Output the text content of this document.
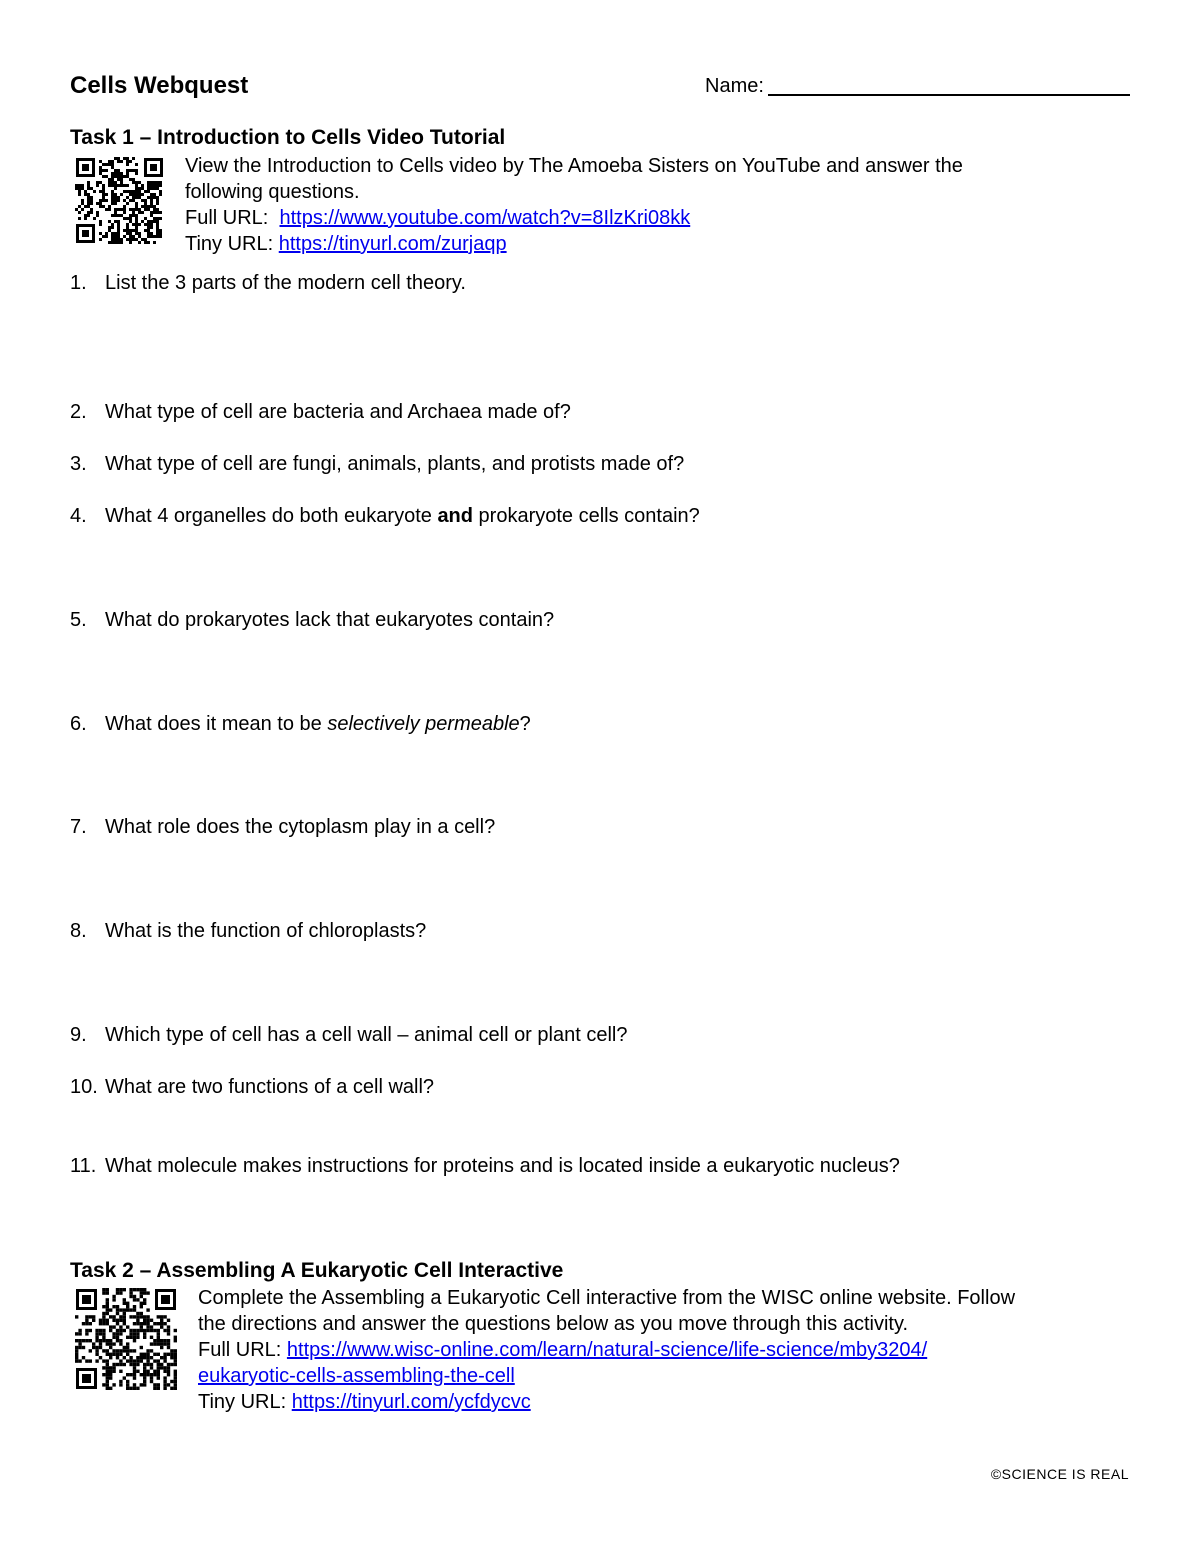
Cells Webquest	Name:
Task 1 – Introduction to Cells Video Tutorial
View the Introduction to Cells video by The Amoeba Sisters on YouTube and answer the
following questions.
Full URL: https://www.youtube.com/watch?v=8IlzKri08kk
Tiny URL: https://tinyurl.com/zurjaqp
1. List the 3 parts of the modern cell theory.
2. What type of cell are bacteria and Archaea made of?
3. What type of cell are fungi, animals, plants, and protists made of?
4. What 4 organelles do both eukaryote and prokaryote cells contain?
5. What do prokaryotes lack that eukaryotes contain?
6. What does it mean to be selectively permeable?
7. What role does the cytoplasm play in a cell?
8. What is the function of chloroplasts?
9. Which type of cell has a cell wall – animal cell or plant cell?
10. What are two functions of a cell wall?
11. What molecule makes instructions for proteins and is located inside a eukaryotic nucleus?
Task 2 – Assembling A Eukaryotic Cell Interactive
Complete the Assembling a Eukaryotic Cell interactive from the WISC online website. Follow
the directions and answer the questions below as you move through this activity.
Full URL: https://www.wisc-online.com/learn/natural-science/life-science/mby3204/
eukaryotic-cells-assembling-the-cell
Tiny URL: https://tinyurl.com/ycfdycvc
©SCIENCE IS REAL
